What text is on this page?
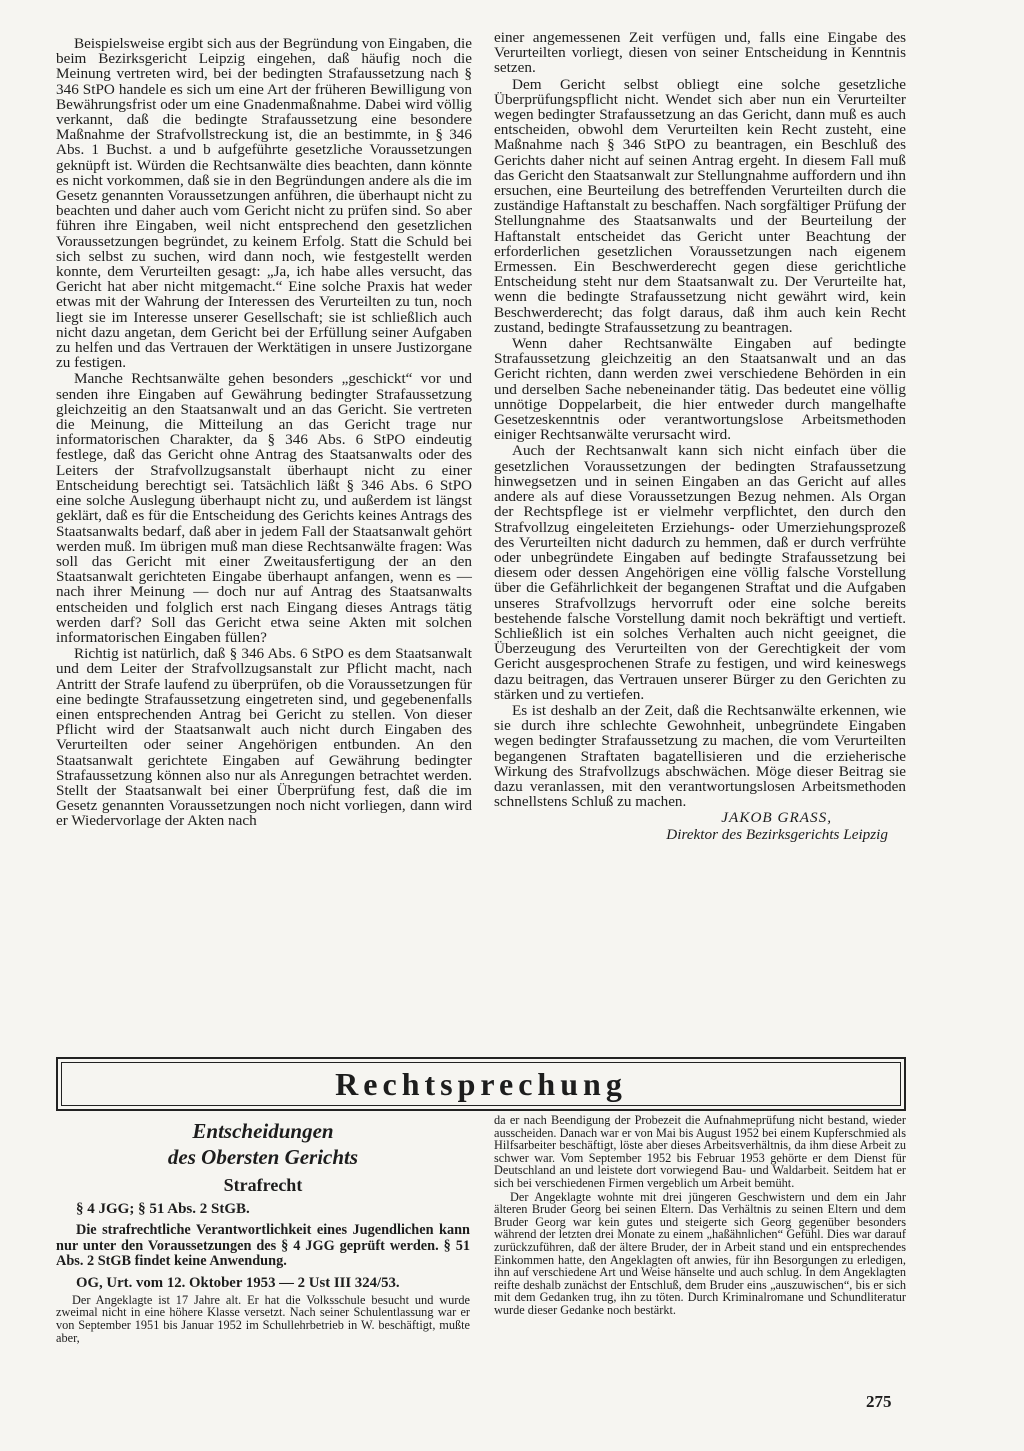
Beispielsweise ergibt sich aus der Begründung von Eingaben, die beim Bezirksgericht Leipzig eingehen, daß häufig noch die Meinung vertreten wird, bei der bedingten Strafaussetzung nach § 346 StPO handele es sich um eine Art der früheren Bewilligung von Bewährungsfrist oder um eine Gnadenmaßnahme. Dabei wird völlig verkannt, daß die bedingte Strafaussetzung eine besondere Maßnahme der Strafvollstreckung ist, die an bestimmte, in § 346 Abs. 1 Buchst. a und b aufgeführte gesetzliche Voraussetzungen geknüpft ist. Würden die Rechtsanwälte dies beachten, dann könnte es nicht vorkommen, daß sie in den Begründungen andere als die im Gesetz genannten Voraussetzungen anführen, die überhaupt nicht zu beachten und daher auch vom Gericht nicht zu prüfen sind. So aber führen ihre Eingaben, weil nicht entsprechend den gesetzlichen Voraussetzungen begründet, zu keinem Erfolg. Statt die Schuld bei sich selbst zu suchen, wird dann noch, wie festgestellt werden konnte, dem Verurteilten gesagt: „Ja, ich habe alles versucht, das Gericht hat aber nicht mitgemacht.“ Eine solche Praxis hat weder etwas mit der Wahrung der Interessen des Verurteilten zu tun, noch liegt sie im Interesse unserer Gesellschaft; sie ist schließlich auch nicht dazu angetan, dem Gericht bei der Erfüllung seiner Aufgaben zu helfen und das Vertrauen der Werktätigen in unsere Justizorgane zu festigen.

Manche Rechtsanwälte gehen besonders „geschickt“ vor und senden ihre Eingaben auf Gewährung bedingter Strafaussetzung gleichzeitig an den Staatsanwalt und an das Gericht. Sie vertreten die Meinung, die Mitteilung an das Gericht trage nur informatorischen Charakter, da § 346 Abs. 6 StPO eindeutig festlege, daß das Gericht ohne Antrag des Staatsanwalts oder des Leiters der Strafvollzugsanstalt überhaupt nicht zu einer Entscheidung berechtigt sei. Tatsächlich läßt § 346 Abs. 6 StPO eine solche Auslegung überhaupt nicht zu, und außerdem ist längst geklärt, daß es für die Entscheidung des Gerichts keines Antrags des Staatsanwalts bedarf, daß aber in jedem Fall der Staatsanwalt gehört werden muß. Im übrigen muß man diese Rechtsanwälte fragen: Was soll das Gericht mit einer Zweitausfertigung der an den Staatsanwalt gerichteten Eingabe überhaupt anfangen, wenn es — nach ihrer Meinung — doch nur auf Antrag des Staatsanwalts entscheiden und folglich erst nach Eingang dieses Antrags tätig werden darf? Soll das Gericht etwa seine Akten mit solchen informatorischen Eingaben füllen?

Richtig ist natürlich, daß § 346 Abs. 6 StPO es dem Staatsanwalt und dem Leiter der Strafvollzugsanstalt zur Pflicht macht, nach Antritt der Strafe laufend zu überprüfen, ob die Voraussetzungen für eine bedingte Strafaussetzung eingetreten sind, und gegebenenfalls einen entsprechenden Antrag bei Gericht zu stellen. Von dieser Pflicht wird der Staatsanwalt auch nicht durch Eingaben des Verurteilten oder seiner Angehörigen entbunden. An den Staatsanwalt gerichtete Eingaben auf Gewährung bedingter Strafaussetzung können also nur als Anregungen betrachtet werden. Stellt der Staatsanwalt bei einer Überprüfung fest, daß die im Gesetz genannten Voraussetzungen noch nicht vorliegen, dann wird er Wiedervorlage der Akten nach

einer angemessenen Zeit verfügen und, falls eine Eingabe des Verurteilten vorliegt, diesen von seiner Entscheidung in Kenntnis setzen.

Dem Gericht selbst obliegt eine solche gesetzliche Überprüfungspflicht nicht. Wendet sich aber nun ein Verurteilter wegen bedingter Strafaussetzung an das Gericht, dann muß es auch entscheiden, obwohl dem Verurteilten kein Recht zusteht, eine Maßnahme nach § 346 StPO zu beantragen, ein Beschluß des Gerichts daher nicht auf seinen Antrag ergeht. In diesem Fall muß das Gericht den Staatsanwalt zur Stellungnahme auffordern und ihn ersuchen, eine Beurteilung des betreffenden Verurteilten durch die zuständige Haftanstalt zu beschaffen. Nach sorgfältiger Prüfung der Stellungnahme des Staatsanwalts und der Beurteilung der Haftanstalt entscheidet das Gericht unter Beachtung der erforderlichen gesetzlichen Voraussetzungen nach eigenem Ermessen. Ein Beschwerderecht gegen diese gerichtliche Entscheidung steht nur dem Staatsanwalt zu. Der Verurteilte hat, wenn die bedingte Strafaussetzung nicht gewährt wird, kein Beschwerderecht; das folgt daraus, daß ihm auch kein Recht zustand, bedingte Strafaussetzung zu beantragen.

Wenn daher Rechtsanwälte Eingaben auf bedingte Strafaussetzung gleichzeitig an den Staatsanwalt und an das Gericht richten, dann werden zwei verschiedene Behörden in ein und derselben Sache nebeneinander tätig. Das bedeutet eine völlig unnötige Doppelarbeit, die hier entweder durch mangelhafte Gesetzeskenntnis oder verantwortungslose Arbeitsmethoden einiger Rechtsanwälte verursacht wird.

Auch der Rechtsanwalt kann sich nicht einfach über die gesetzlichen Voraussetzungen der bedingten Strafaussetzung hinwegsetzen und in seinen Eingaben an das Gericht auf alles andere als auf diese Voraussetzungen Bezug nehmen. Als Organ der Rechtspflege ist er vielmehr verpflichtet, den durch den Strafvollzug eingeleiteten Erziehungs- oder Umerziehungsprozeß des Verurteilten nicht dadurch zu hemmen, daß er durch verfrühte oder unbegründete Eingaben auf bedingte Strafaussetzung bei diesem oder dessen Angehörigen eine völlig falsche Vorstellung über die Gefährlichkeit der begangenen Straftat und die Aufgaben unseres Strafvollzugs hervorruft oder eine solche bereits bestehende falsche Vorstellung damit noch bekräftigt und vertieft. Schließlich ist ein solches Verhalten auch nicht geeignet, die Überzeugung des Verurteilten von der Gerechtigkeit der vom Gericht ausgesprochenen Strafe zu festigen, und wird keineswegs dazu beitragen, das Vertrauen unserer Bürger zu den Gerichten zu stärken und zu vertiefen.

Es ist deshalb an der Zeit, daß die Rechtsanwälte erkennen, wie sie durch ihre schlechte Gewohnheit, unbegründete Eingaben wegen bedingter Strafaussetzung zu machen, die vom Verurteilten begangenen Straftaten bagatellisieren und die erzieherische Wirkung des Strafvollzugs abschwächen. Möge dieser Beitrag sie dazu veranlassen, mit den verantwortungslosen Arbeitsmethoden schnellstens Schluß zu machen.

JAKOB GRASS,

Direktor des Bezirksgerichts Leipzig

Rechtsprechung
Entscheidungen
des Obersten Gerichts
Strafrecht
§ 4 JGG; § 51 Abs. 2 StGB.
Die strafrechtliche Verantwortlichkeit eines Jugendlichen kann nur unter den Voraussetzungen des § 4 JGG geprüft werden. § 51 Abs. 2 StGB findet keine Anwendung.
OG, Urt. vom 12. Oktober 1953 — 2 Ust III 324/53.

Der Angeklagte ist 17 Jahre alt. Er hat die Volksschule besucht und wurde zweimal nicht in eine höhere Klasse versetzt. Nach seiner Schulentlassung war er von September 1951 bis Januar 1952 im Schullehrbetrieb in W. beschäftigt, mußte aber,

da er nach Beendigung der Probezeit die Aufnahmeprüfung nicht bestand, wieder ausscheiden. Danach war er von Mai bis August 1952 bei einem Kupferschmied als Hilfsarbeiter beschäftigt, löste aber dieses Arbeitsverhältnis, da ihm diese Arbeit zu schwer war. Vom September 1952 bis Februar 1953 gehörte er dem Dienst für Deutschland an und leistete dort vorwiegend Bau- und Waldarbeit. Seitdem hat er sich bei verschiedenen Firmen vergeblich um Arbeit bemüht.

Der Angeklagte wohnte mit drei jüngeren Geschwistern und dem ein Jahr älteren Bruder Georg bei seinen Eltern. Das Verhältnis zu seinen Eltern und dem Bruder Georg war kein gutes und steigerte sich Georg gegenüber besonders während der letzten drei Monate zu einem „haßähnlichen“ Gefühl. Dies war darauf zurückzuführen, daß der ältere Bruder, der in Arbeit stand und ein entsprechendes Einkommen hatte, den Angeklagten oft anwies, für ihn Besorgungen zu erledigen, ihn auf verschiedene Art und Weise hänselte und auch schlug. In dem Angeklagten reifte deshalb zunächst der Entschluß, dem Bruder eins „auszuwischen“, bis er sich mit dem Gedanken trug, ihn zu töten. Durch Kriminalromane und Schundliteratur wurde dieser Gedanke noch bestärkt.

275
